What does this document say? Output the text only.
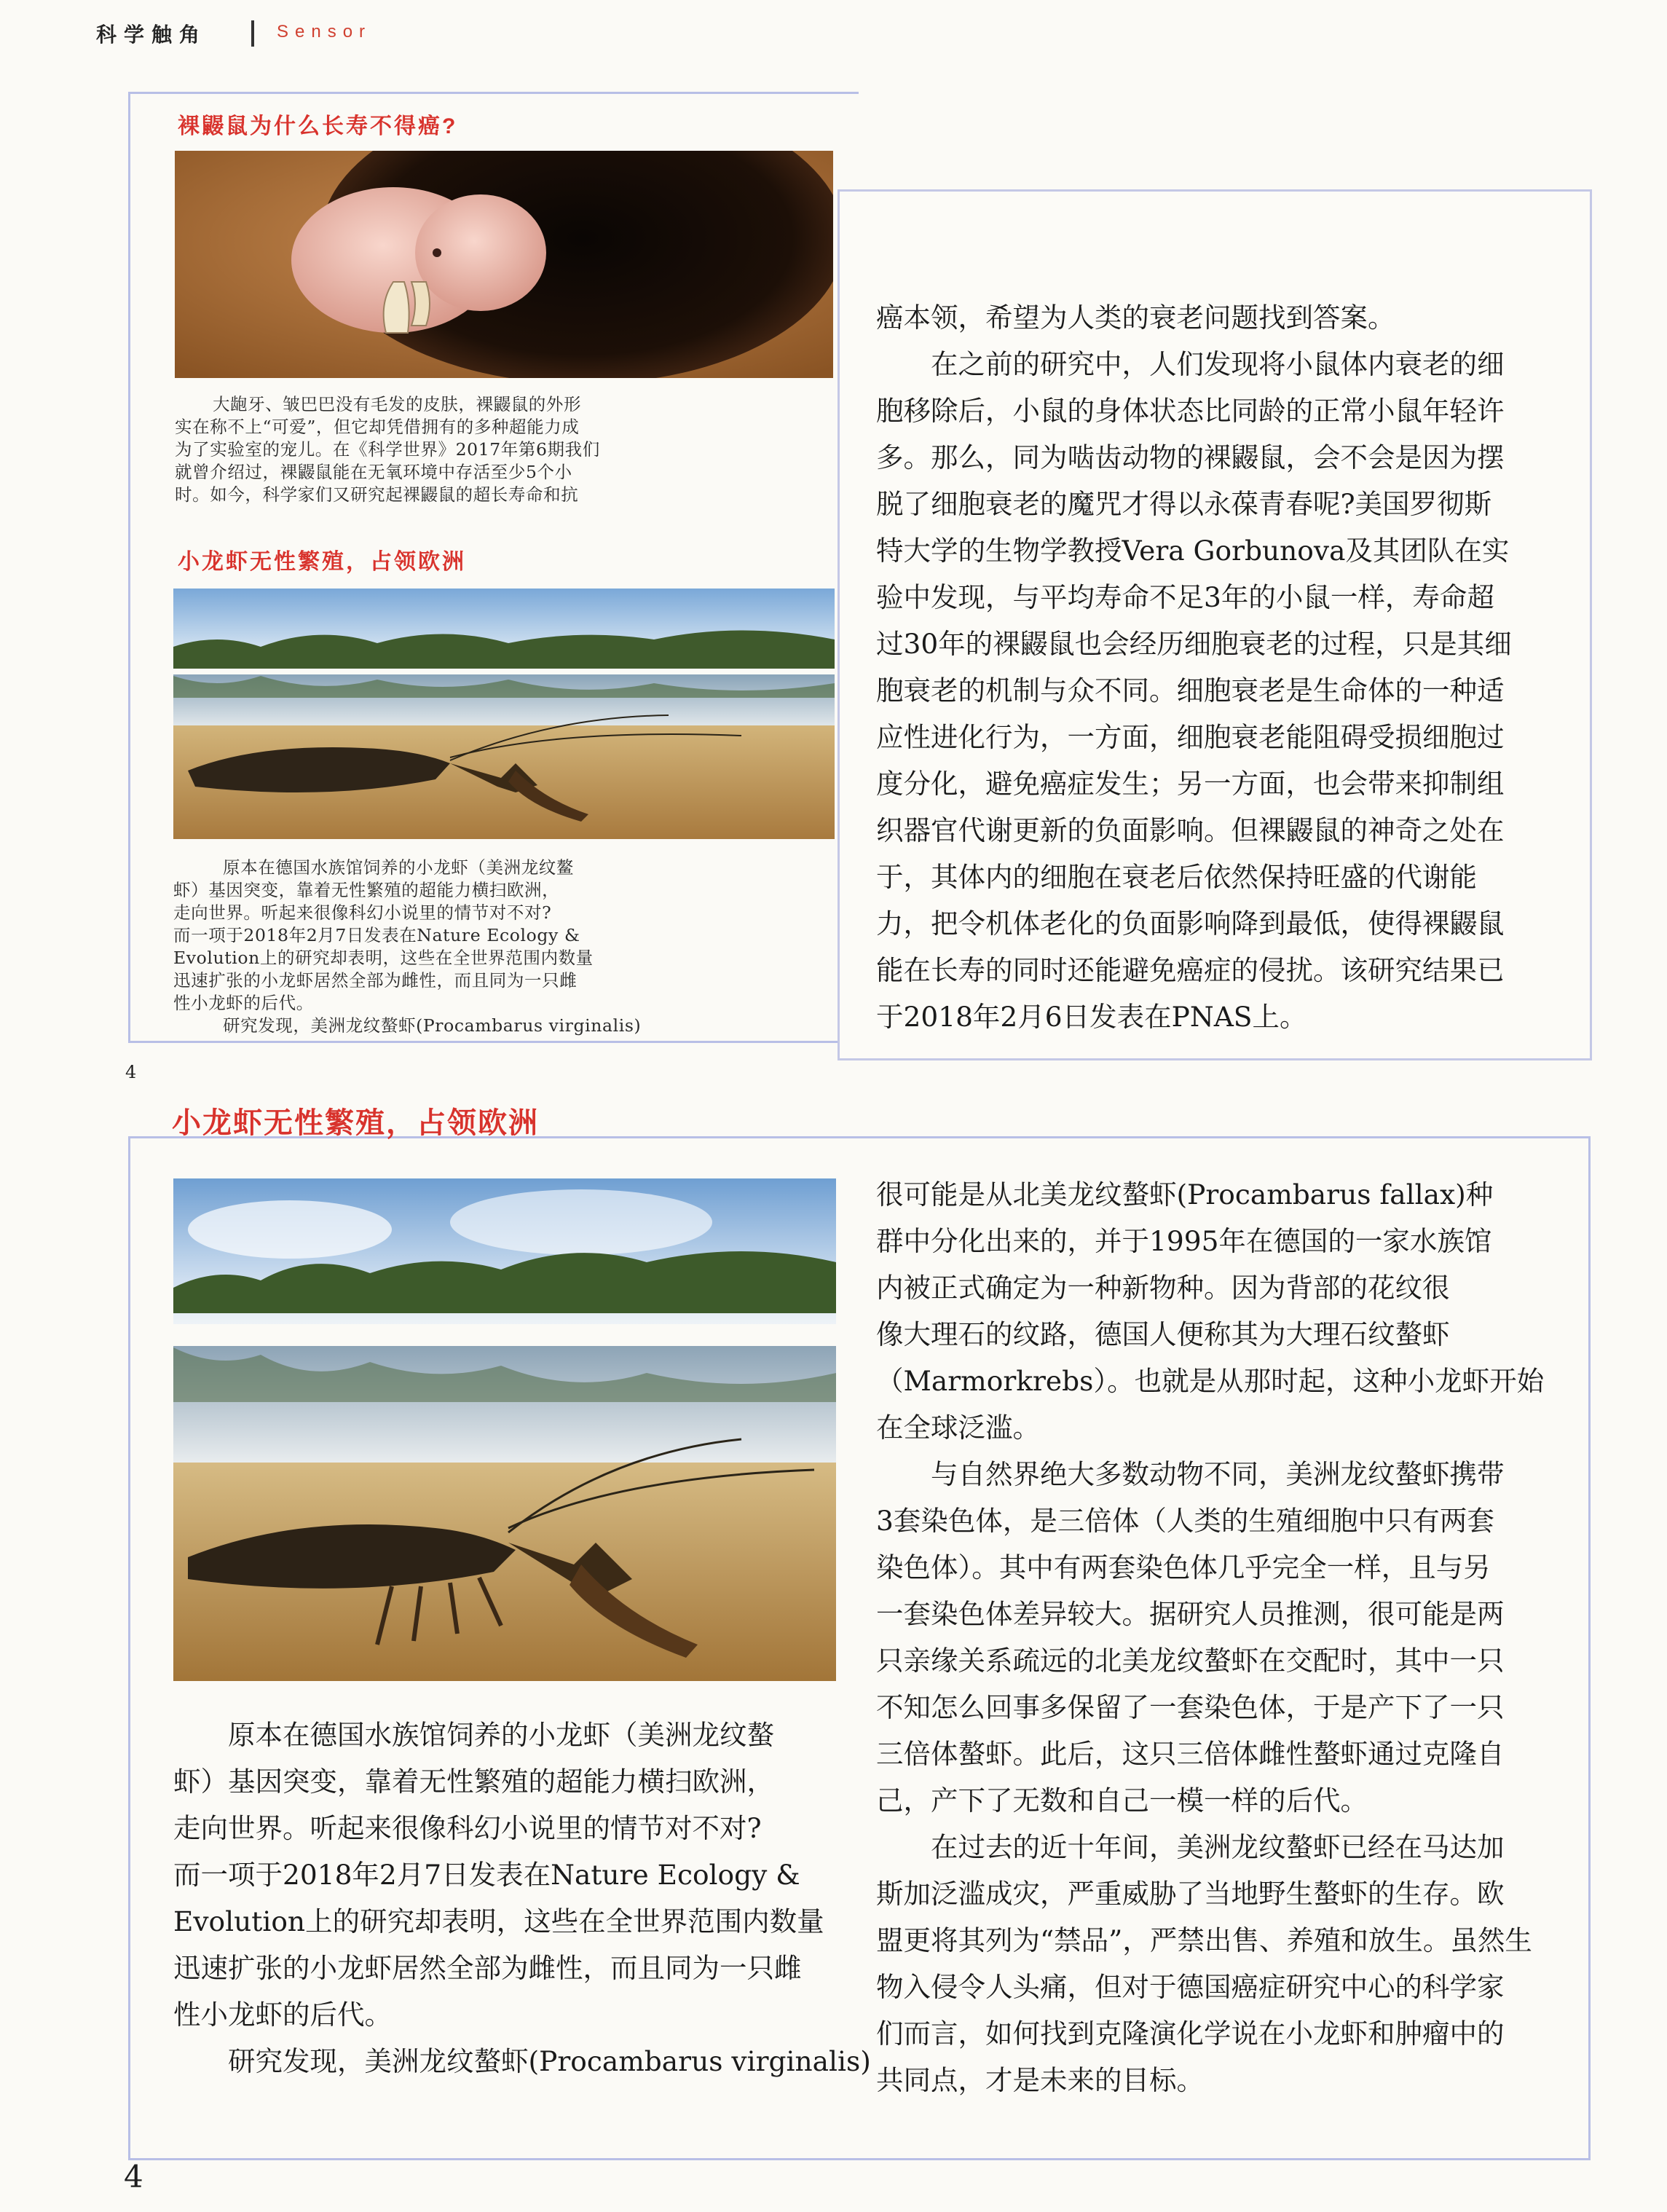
科学触角	Sensor
裸鼹鼠为什么长寿不得癌?
大龅牙、皱巴巴没有毛发的皮肤，裸鼹鼠的外形
实在称不上“可爱”，但它却凭借拥有的多种超能力成
为了实验室的宠儿。在《科学世界》2017年第6期我们
就曾介绍过，裸鼹鼠能在无氧环境中存活至少5个小
时。如今，科学家们又研究起裸鼹鼠的超长寿命和抗
小龙虾无性繁殖，占领欧洲
原本在德国水族馆饲养的小龙虾（美洲龙纹鳌
虾）基因突变，靠着无性繁殖的超能力横扫欧洲，
走向世界。听起来很像科幻小说里的情节对不对?
而一项于2018年2月7日发表在Nature Ecology &
Evolution上的研究却表明，这些在全世界范围内数量
迅速扩张的小龙虾居然全部为雌性，而且同为一只雌
性小龙虾的后代。
研究发现，美洲龙纹螯虾(Procambarus virginalis)
4
癌本领，希望为人类的衰老问题找到答案。
在之前的研究中，人们发现将小鼠体内衰老的细
胞移除后，小鼠的身体状态比同龄的正常小鼠年轻许
多。那么，同为啮齿动物的裸鼹鼠，会不会是因为摆
脱了细胞衰老的魔咒才得以永葆青春呢?美国罗彻斯
特大学的生物学教授Vera Gorbunova及其团队在实
验中发现，与平均寿命不足3年的小鼠一样，寿命超
过30年的裸鼹鼠也会经历细胞衰老的过程，只是其细
胞衰老的机制与众不同。细胞衰老是生命体的一种适
应性进化行为，一方面，细胞衰老能阻碍受损细胞过
度分化，避免癌症发生；另一方面，也会带来抑制组
织器官代谢更新的负面影响。但裸鼹鼠的神奇之处在
于，其体内的细胞在衰老后依然保持旺盛的代谢能
力，把令机体老化的负面影响降到最低，使得裸鼹鼠
能在长寿的同时还能避免癌症的侵扰。该研究结果已
于2018年2月6日发表在PNAS上。
小龙虾无性繁殖，占领欧洲
原本在德国水族馆饲养的小龙虾（美洲龙纹螯
虾）基因突变，靠着无性繁殖的超能力横扫欧洲，
走向世界。听起来很像科幻小说里的情节对不对?
而一项于2018年2月7日发表在Nature Ecology &
Evolution上的研究却表明，这些在全世界范围内数量
迅速扩张的小龙虾居然全部为雌性，而且同为一只雌
性小龙虾的后代。
研究发现，美洲龙纹螯虾(Procambarus virginalis)
很可能是从北美龙纹螯虾(Procambarus fallax)种
群中分化出来的，并于1995年在德国的一家水族馆
内被正式确定为一种新物种。因为背部的花纹很
像大理石的纹路，德国人便称其为大理石纹螯虾
（Marmorkrebs）。也就是从那时起，这种小龙虾开始
在全球泛滥。
与自然界绝大多数动物不同，美洲龙纹螯虾携带
3套染色体，是三倍体（人类的生殖细胞中只有两套
染色体）。其中有两套染色体几乎完全一样，且与另
一套染色体差异较大。据研究人员推测，很可能是两
只亲缘关系疏远的北美龙纹螯虾在交配时，其中一只
不知怎么回事多保留了一套染色体，于是产下了一只
三倍体螯虾。此后，这只三倍体雌性螯虾通过克隆自
己，产下了无数和自己一模一样的后代。
在过去的近十年间，美洲龙纹螯虾已经在马达加
斯加泛滥成灾，严重威胁了当地野生螯虾的生存。欧
盟更将其列为“禁品”，严禁出售、养殖和放生。虽然生
物入侵令人头痛，但对于德国癌症研究中心的科学家
们而言，如何找到克隆演化学说在小龙虾和肿瘤中的
共同点，才是未来的目标。
4
